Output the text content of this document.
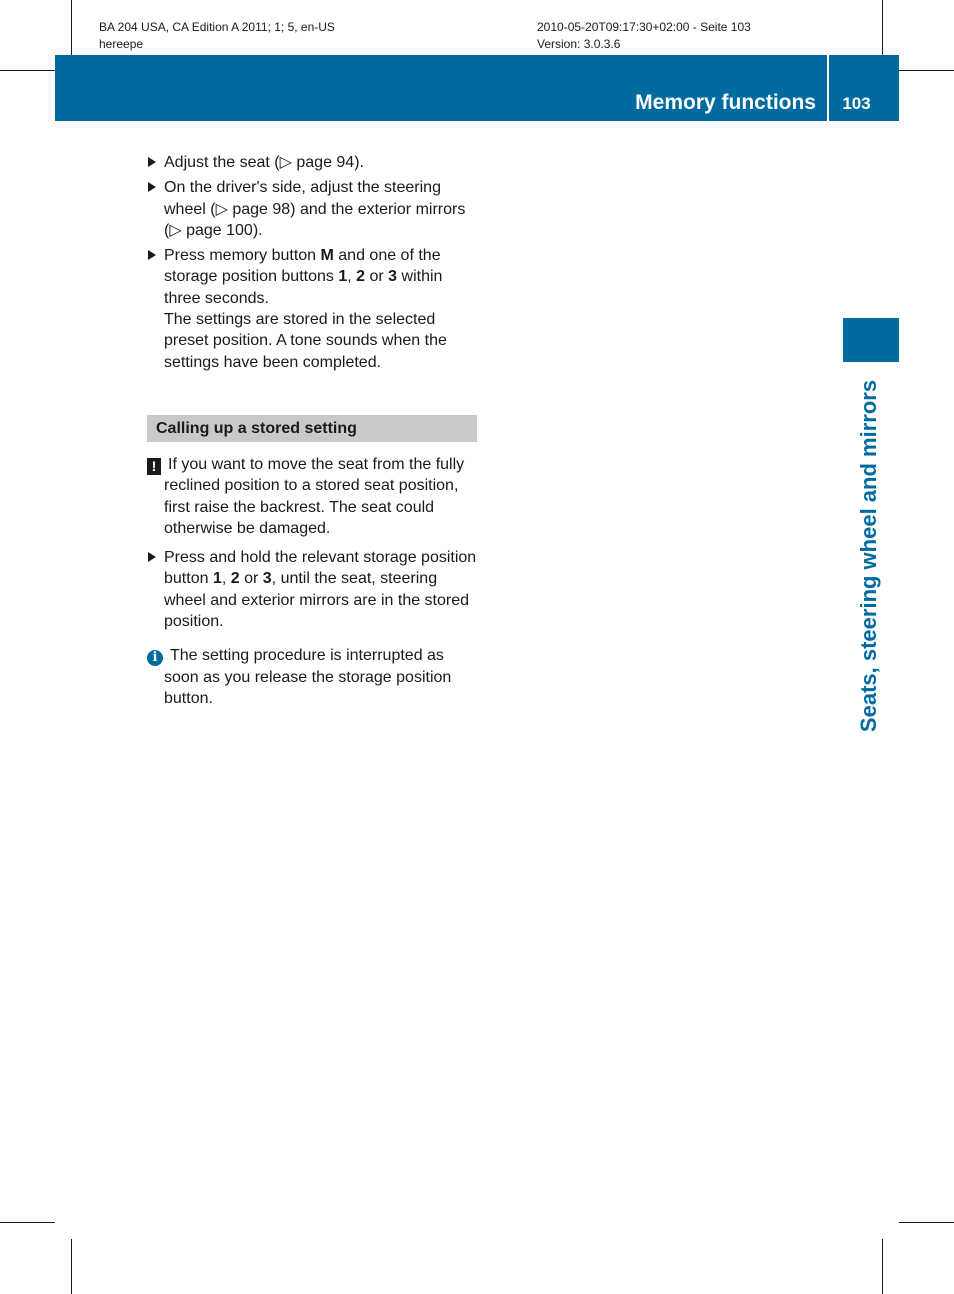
BA 204 USA, CA Edition A 2011; 1; 5, en-US
hereepe
2010-05-20T09:17:30+02:00 - Seite 103
Version: 3.0.3.6
Memory functions	103
Seats, steering wheel and mirrors
Adjust the seat (▷ page 94).
On the driver's side, adjust the steering wheel (▷ page 98) and the exterior mirrors (▷ page 100).
Press memory button M and one of the storage position buttons 1, 2 or 3 within three seconds.
The settings are stored in the selected preset position. A tone sounds when the settings have been completed.
Calling up a stored setting
! If you want to move the seat from the fully reclined position to a stored seat position, first raise the backrest. The seat could otherwise be damaged.
Press and hold the relevant storage position button 1, 2 or 3, until the seat, steering wheel and exterior mirrors are in the stored position.
i The setting procedure is interrupted as soon as you release the storage position button.
